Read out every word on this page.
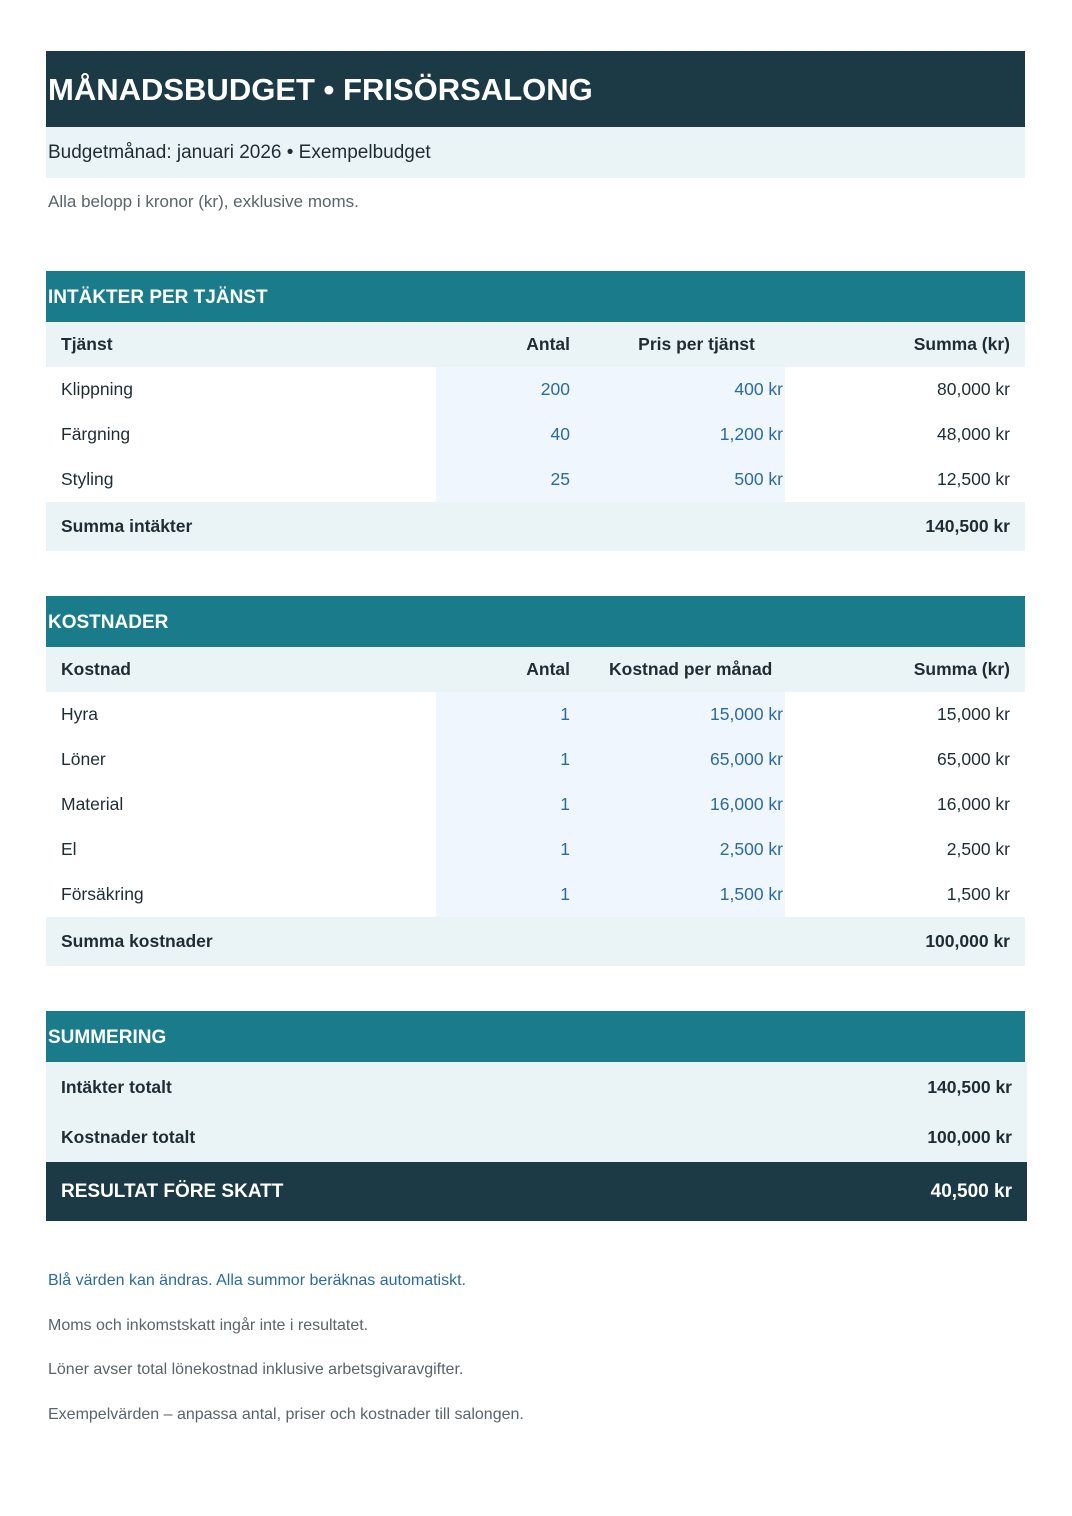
MÅNADSBUDGET • FRISÖRSALONG
Budgetmånad: januari 2026 • Exempelbudget
Alla belopp i kronor (kr), exklusive moms.
INTÄKTER PER TJÄNST
Tjänst	Antal	Pris per tjänst	Summa (kr)
Klippning	200	400 kr	80,000 kr
Färgning	40	1,200 kr	48,000 kr
Styling	25	500 kr	12,500 kr
Summa intäkter			140,500 kr
KOSTNADER
Kostnad	Antal	Kostnad per månad	Summa (kr)
Hyra	1	15,000 kr	15,000 kr
Löner	1	65,000 kr	65,000 kr
Material	1	16,000 kr	16,000 kr
El	1	2,500 kr	2,500 kr
Försäkring	1	1,500 kr	1,500 kr
Summa kostnader			100,000 kr
SUMMERING
Intäkter totalt			140,500 kr
Kostnader totalt			100,000 kr
RESULTAT FÖRE SKATT			40,500 kr
Blå värden kan ändras. Alla summor beräknas automatiskt.
Moms och inkomstskatt ingår inte i resultatet.
Löner avser total lönekostnad inklusive arbetsgivaravgifter.
Exempelvärden – anpassa antal, priser och kostnader till salongen.
